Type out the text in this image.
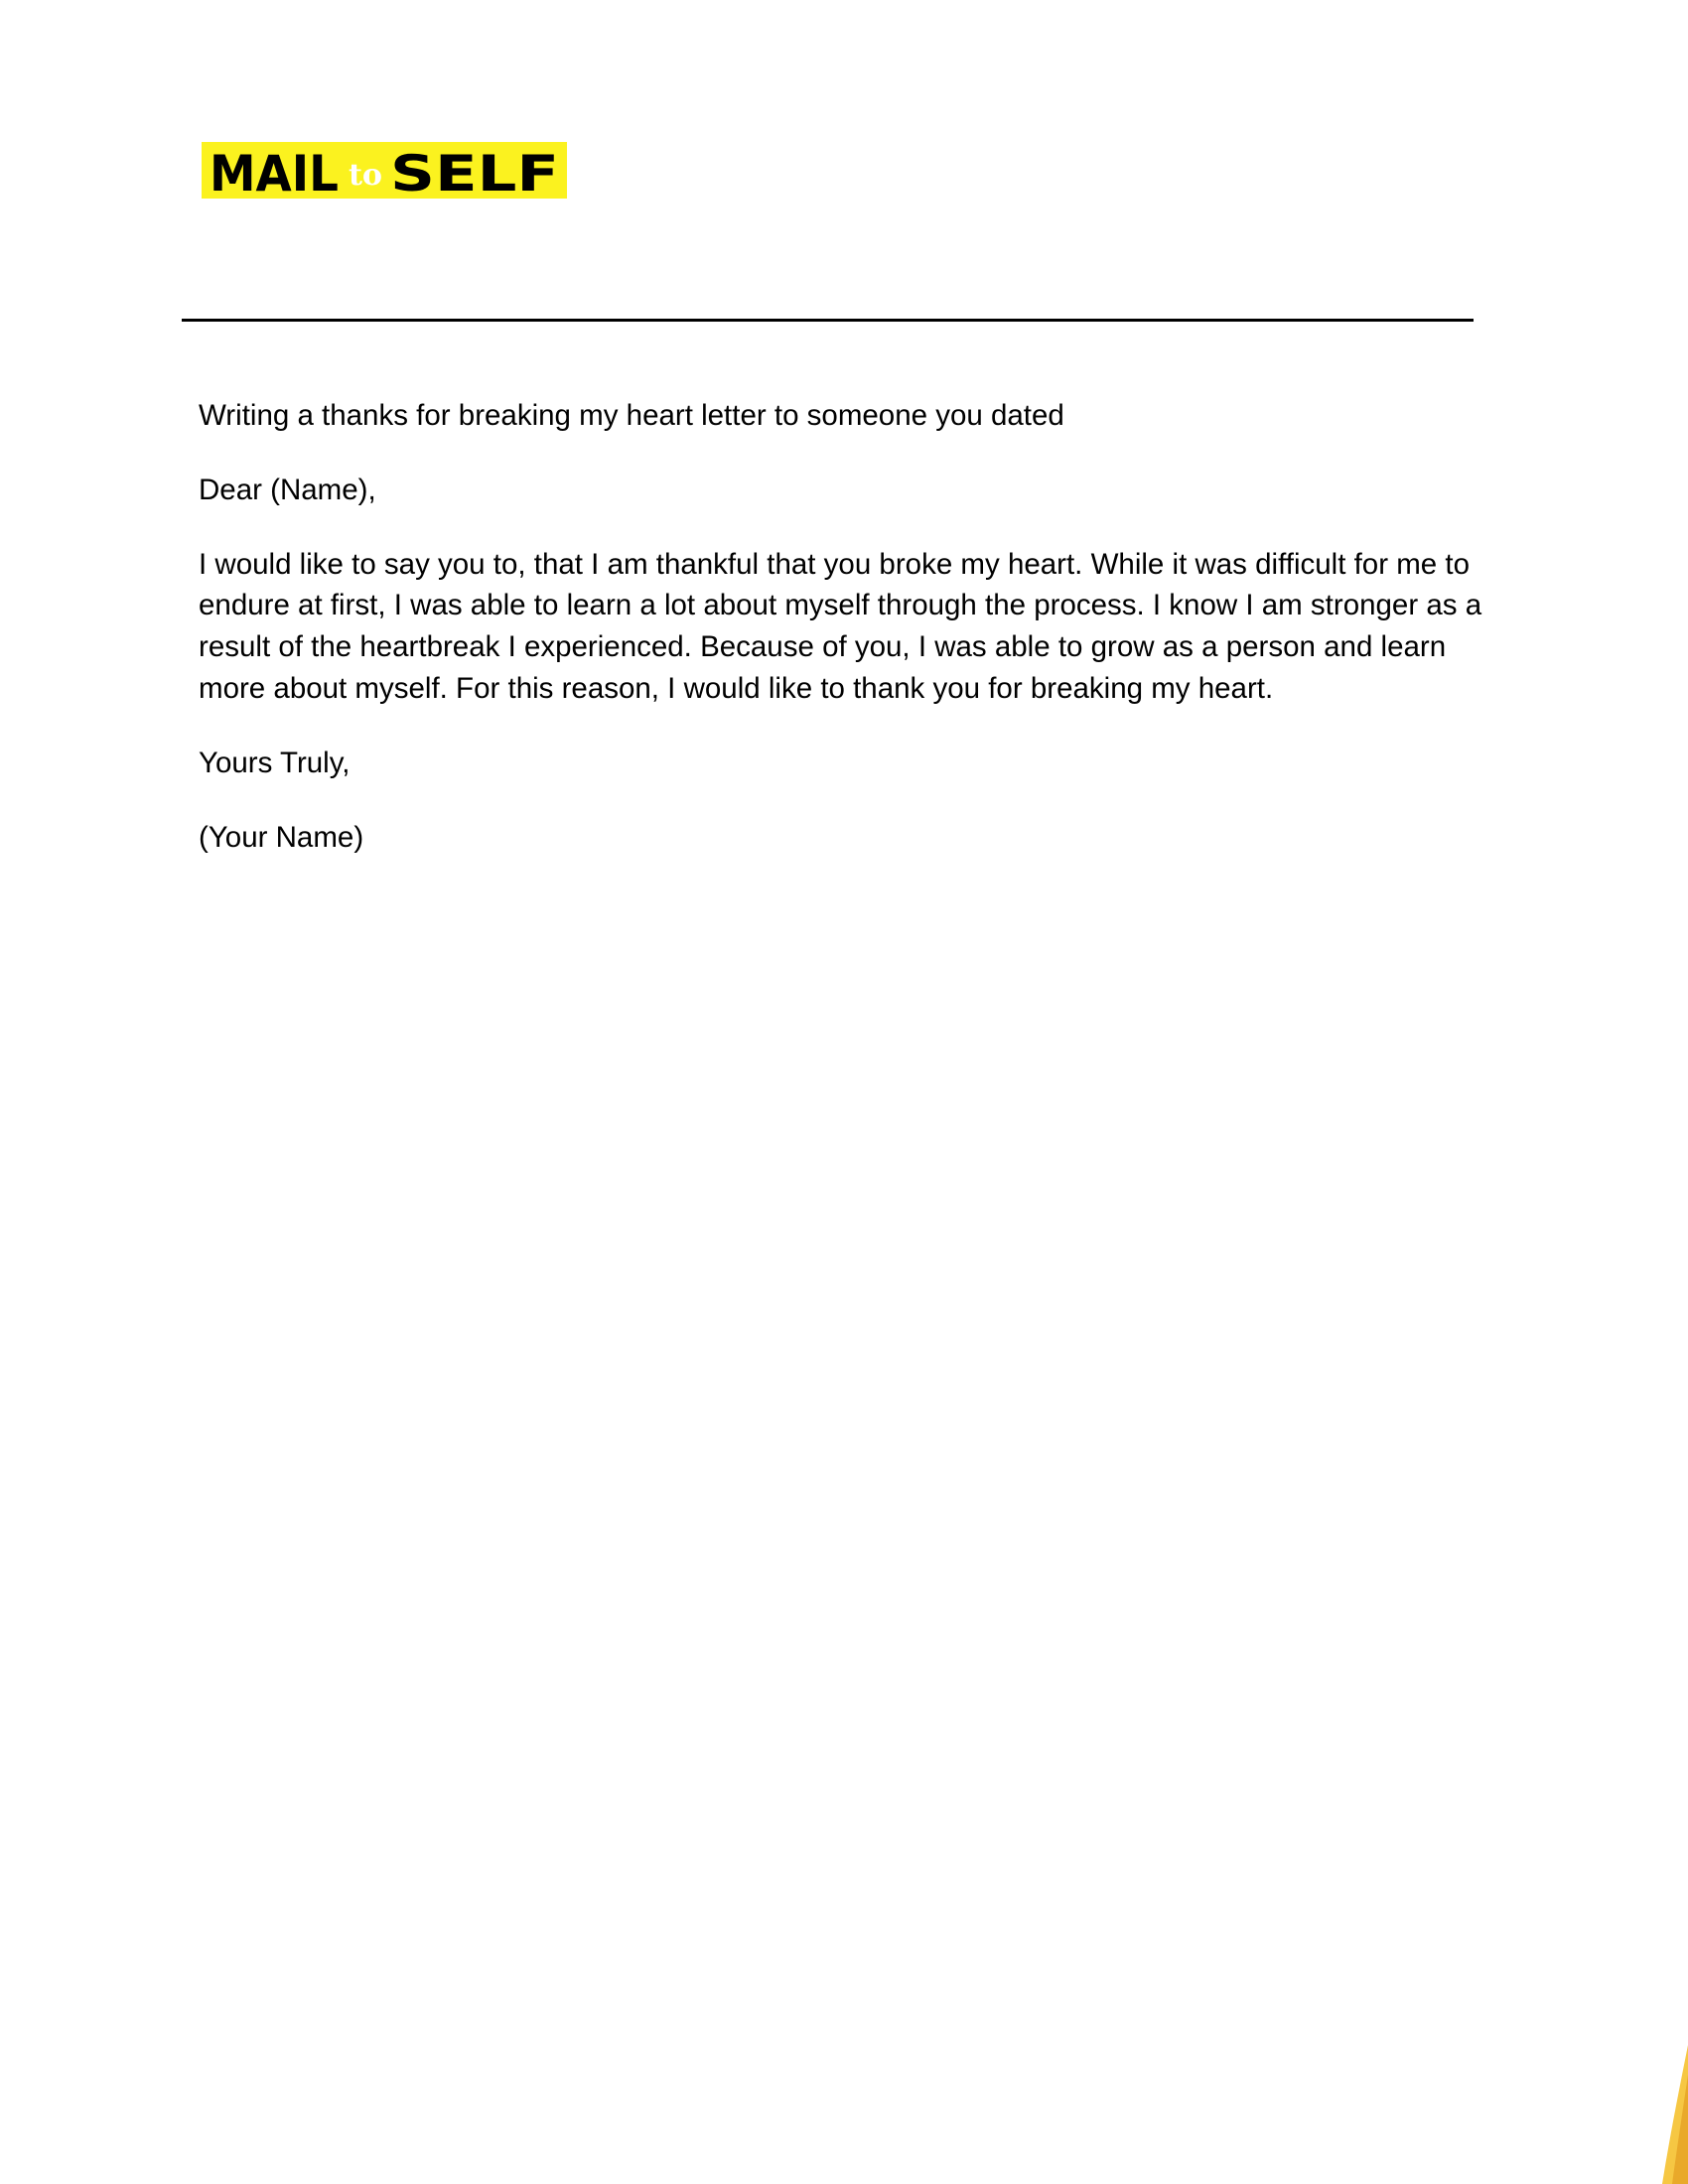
MAIL to SELF

Writing a thanks for breaking my heart letter to someone you dated

Dear (Name),

I would like to say you to, that I am thankful that you broke my heart. While it was difficult for me to endure at first, I was able to learn a lot about myself through the process. I know I am stronger as a result of the heartbreak I experienced. Because of you, I was able to grow as a person and learn more about myself. For this reason, I would like to thank you for breaking my heart.

Yours Truly,

(Your Name)
